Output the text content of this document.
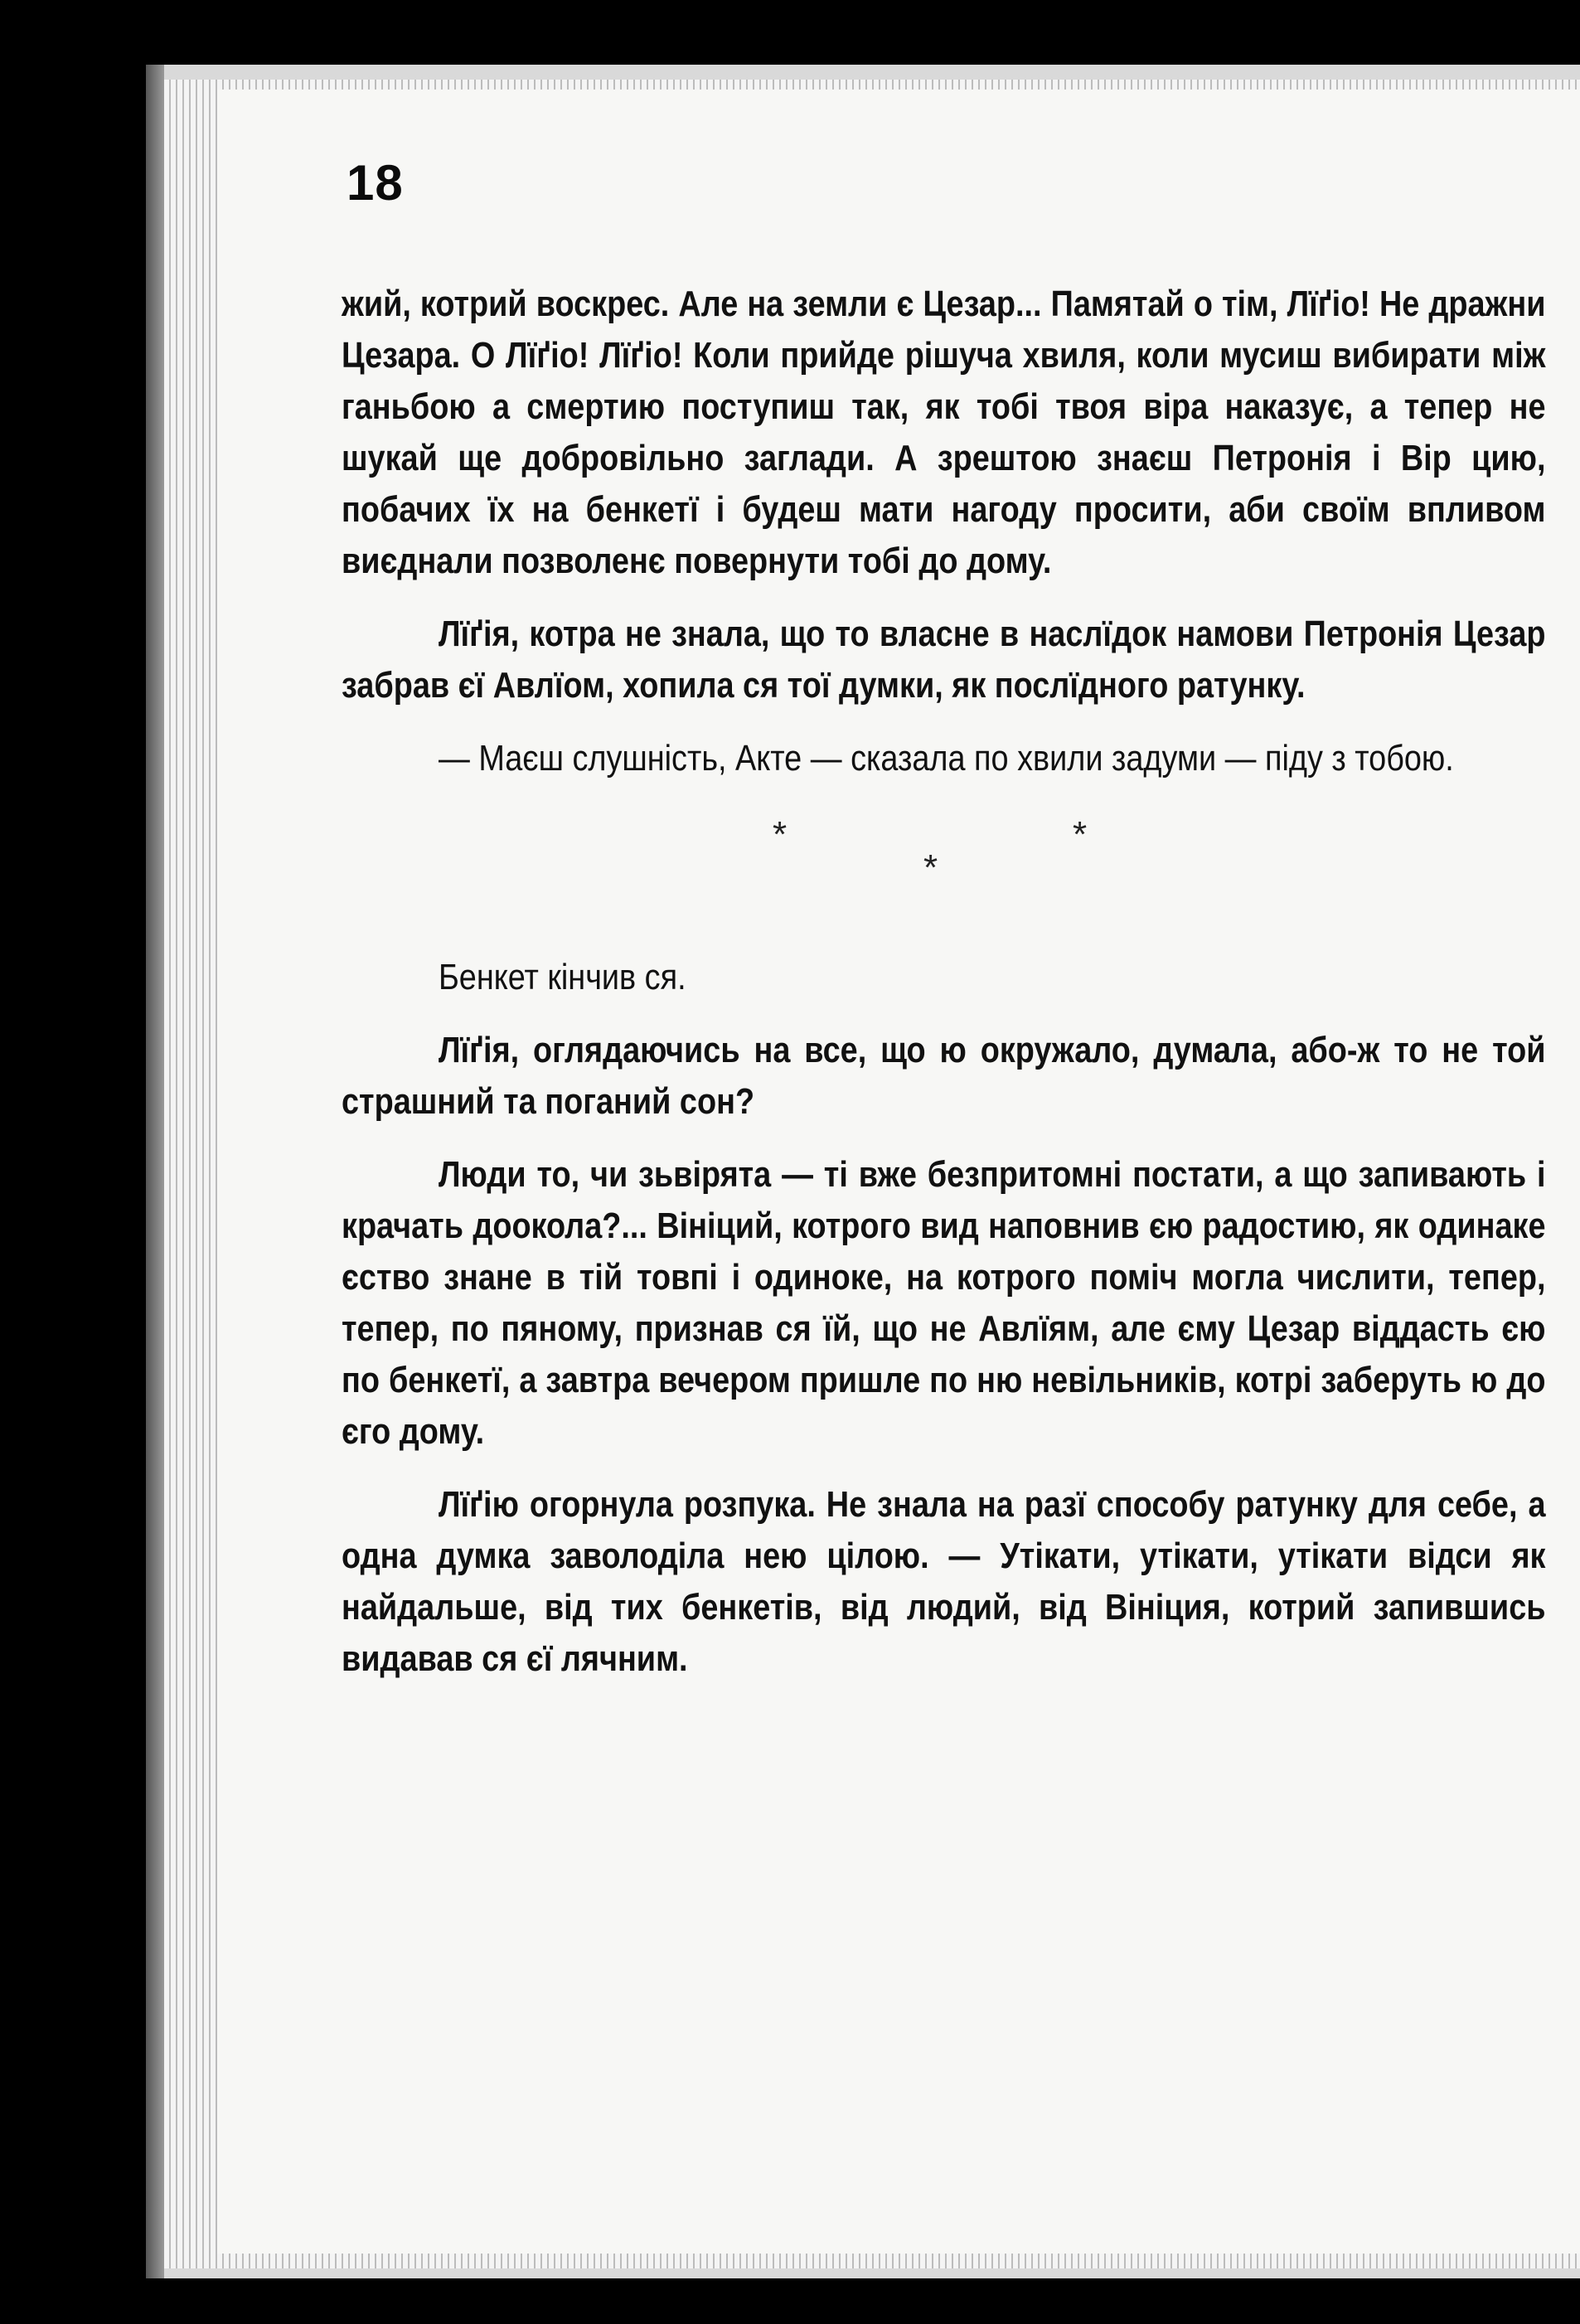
18

жий, котрий воскрес. Але на земли є Цезар... Памятай о тім, Лїґіо! Не дражни Цезара. О Лїґіо! Лїґіо! Коли прийде рішуча хвиля, коли мусиш вибирати між ганьбою а смертию поступиш так, як тобі твоя віра наказує, а тепер не шукай ще добровільно заглади. А зрештою знаєш Петронія і Вір цию, побачих їх на бенкетї і будеш мати нагоду просити, аби своїм впливом виєднали позволенє повернути тобі до дому.

Лїґія, котра не знала, що то власне в наслїдок намови Петронія Цезар забрав єї Авлїом, хопила ся тої думки, як послїдного ратунку.

— Маєш слушність, Акте — сказала по хвили задуми — піду з тобою.

*	*
*

Бенкет кінчив ся.

Лїґія, оглядаючись на все, що ю окружало, думала, або-ж то не той страшний та поганий сон?

Люди то, чи зьвірята — ті вже безпритомні постати, а що запивають і крачать доокола?... Вініций, котрого вид наповнив єю радостию, як одинаке єство знане в тій товпі і одиноке, на котрого поміч могла числити, тепер, тепер, по пяному, признав ся їй, що не Авлїям, але єму Цезар віддасть єю по бенкетї, а завтра вечером пришле по ню невільників, котрі заберуть ю до єго дому.

Лїґію огорнула розпука. Не знала на разї способу ратунку для себе, а одна думка заволоділа нею цілою. — Утікати, утікати, утікати відси як найдальше, від тих бенкетів, від людий, від Вініция, котрий запившись видавав ся єї лячним.
